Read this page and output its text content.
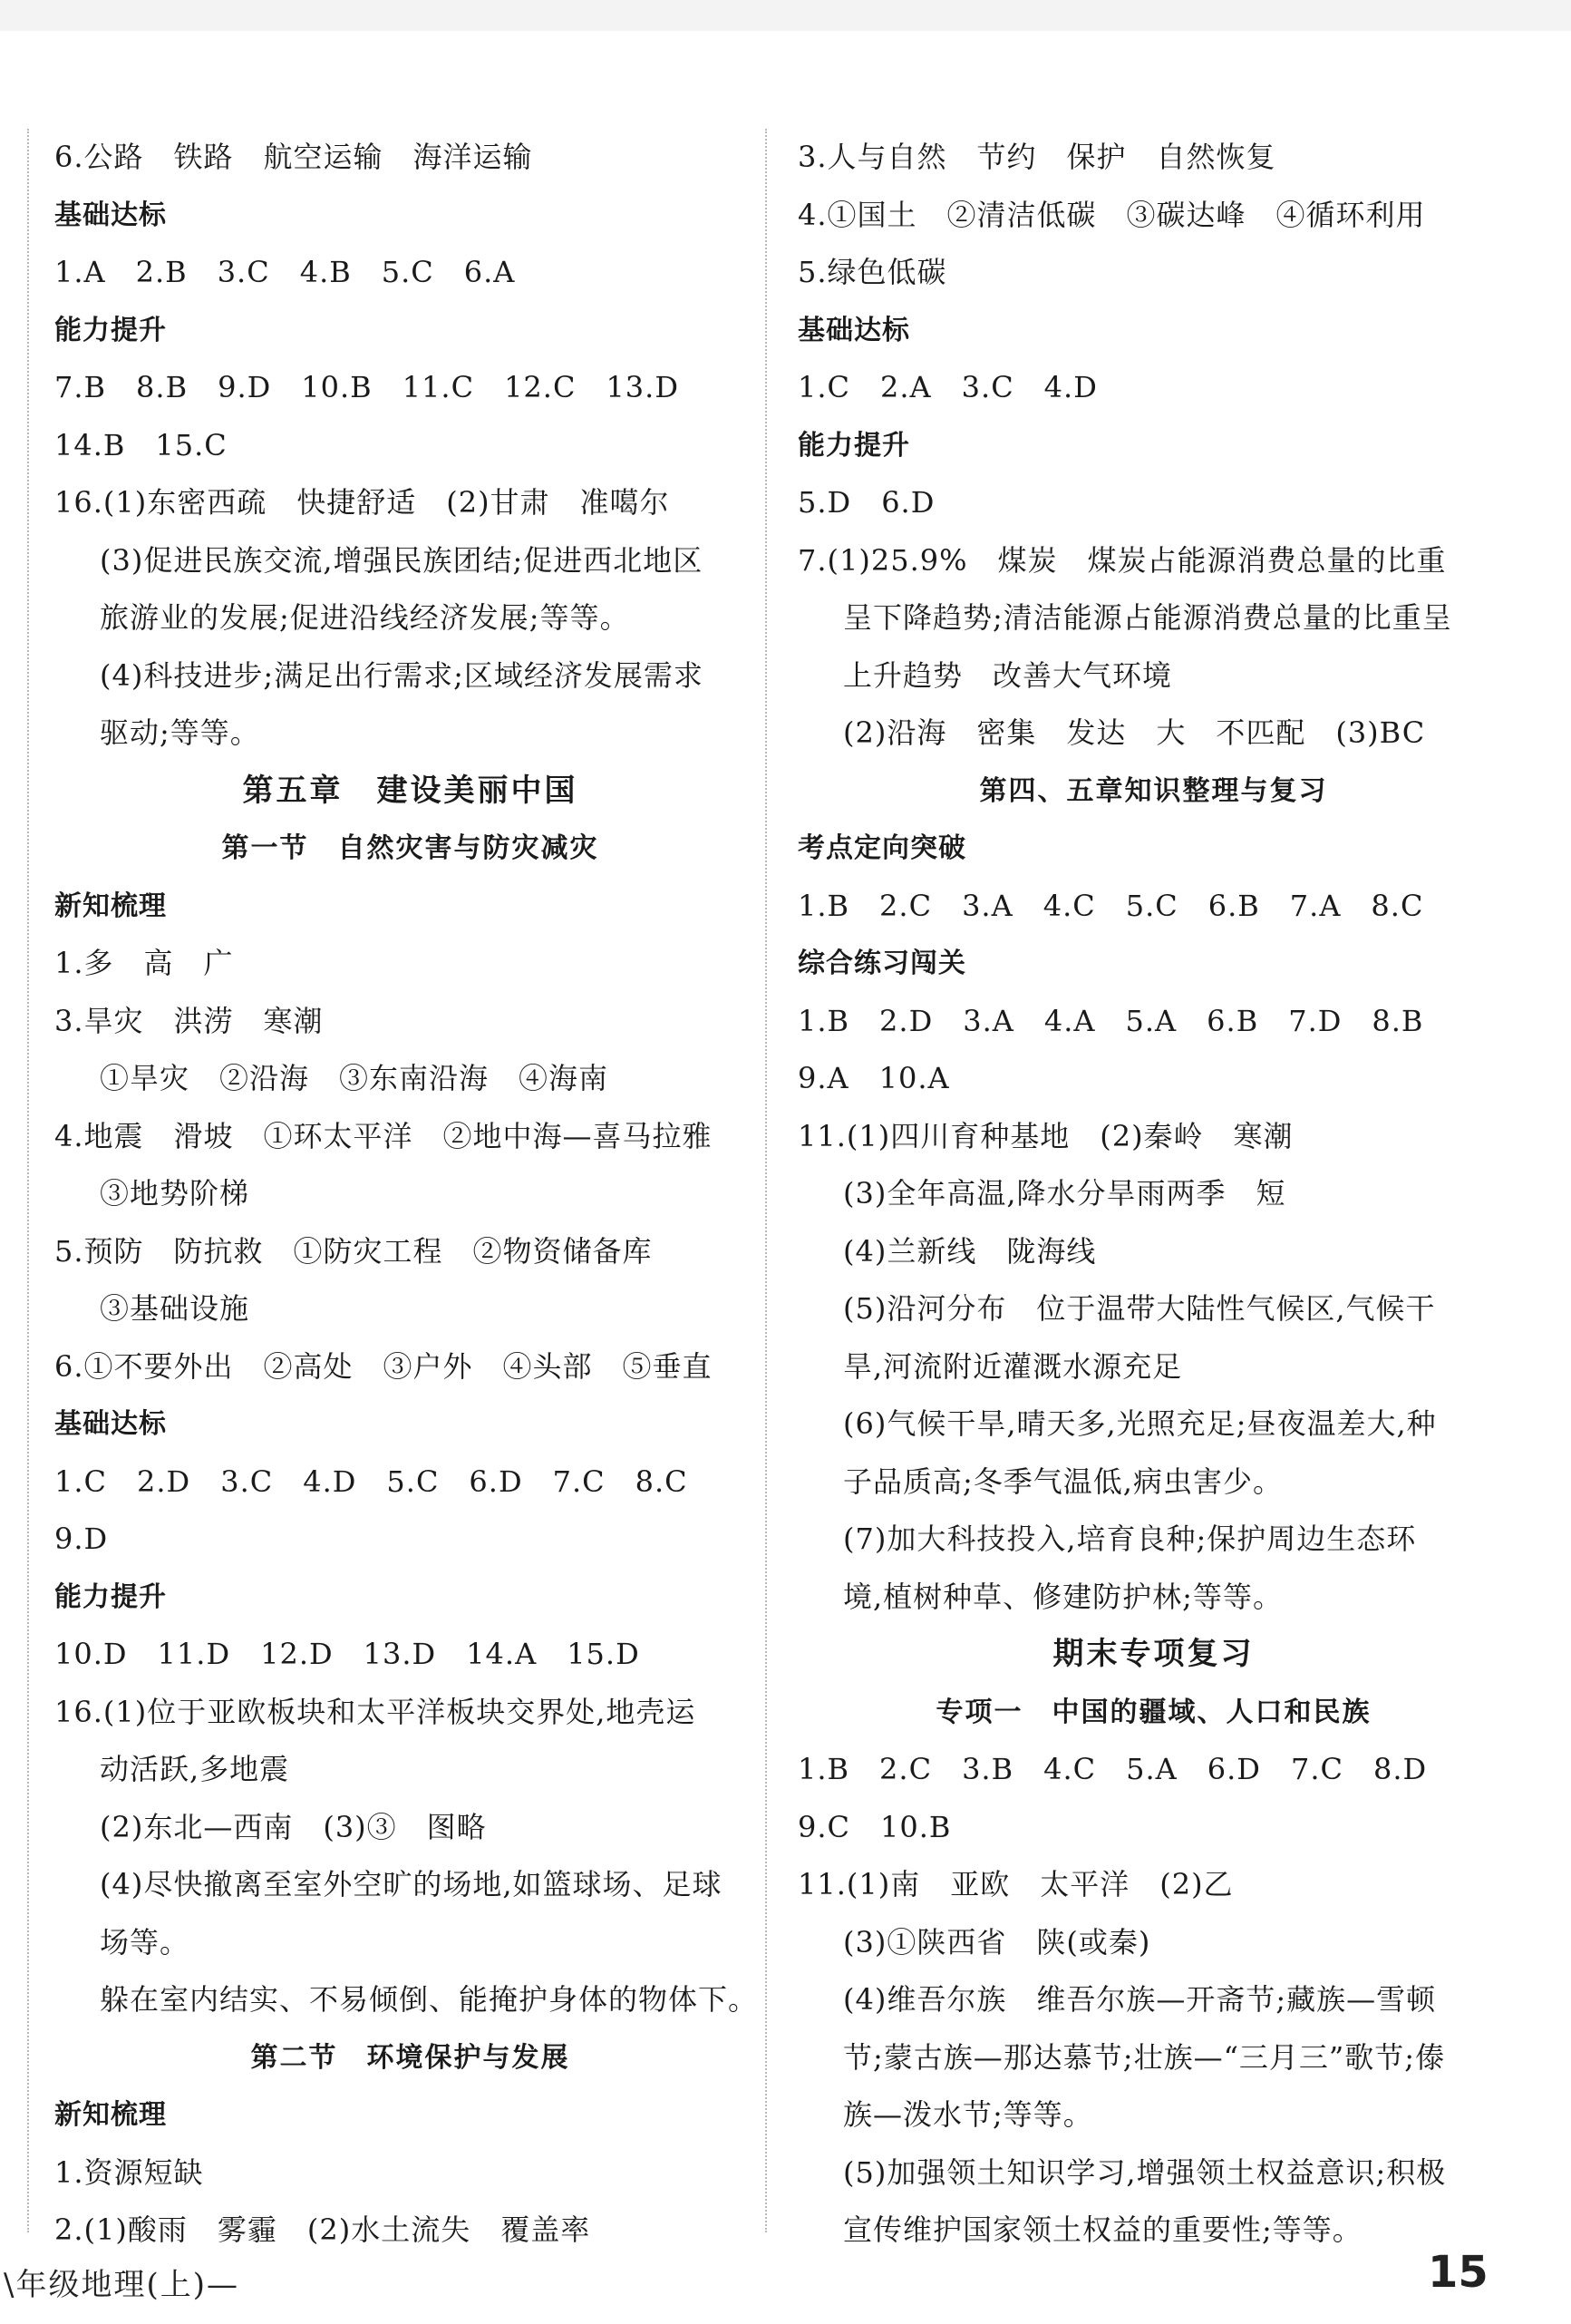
6.公路　铁路　航空运输　海洋运输
基础达标
1.A　2.B　3.C　4.B　5.C　6.A
能力提升
7.B　8.B　9.D　10.B　11.C　12.C　13.D
14.B　15.C
16.(1)东密西疏　快捷舒适　(2)甘肃　准噶尔
(3)促进民族交流,增强民族团结;促进西北地区
旅游业的发展;促进沿线经济发展;等等。
(4)科技进步;满足出行需求;区域经济发展需求
驱动;等等。
第五章　建设美丽中国
第一节　自然灾害与防灾减灾
新知梳理
1.多　高　广
3.旱灾　洪涝　寒潮
①旱灾　②沿海　③东南沿海　④海南
4.地震　滑坡　①环太平洋　②地中海—喜马拉雅
③地势阶梯
5.预防　防抗救　①防灾工程　②物资储备库
③基础设施
6.①不要外出　②高处　③户外　④头部　⑤垂直
基础达标
1.C　2.D　3.C　4.D　5.C　6.D　7.C　8.C
9.D
能力提升
10.D　11.D　12.D　13.D　14.A　15.D
16.(1)位于亚欧板块和太平洋板块交界处,地壳运
动活跃,多地震
(2)东北—西南　(3)③　图略
(4)尽快撤离至室外空旷的场地,如篮球场、足球
场等。
躲在室内结实、不易倾倒、能掩护身体的物体下。
第二节　环境保护与发展
新知梳理
1.资源短缺
2.(1)酸雨　雾霾　(2)水土流失　覆盖率
3.人与自然　节约　保护　自然恢复
4.①国土　②清洁低碳　③碳达峰　④循环利用
5.绿色低碳
基础达标
1.C　2.A　3.C　4.D
能力提升
5.D　6.D
7.(1)25.9%　煤炭　煤炭占能源消费总量的比重
呈下降趋势;清洁能源占能源消费总量的比重呈
上升趋势　改善大气环境
(2)沿海　密集　发达　大　不匹配　(3)BC
第四、五章知识整理与复习
考点定向突破
1.B　2.C　3.A　4.C　5.C　6.B　7.A　8.C
综合练习闯关
1.B　2.D　3.A　4.A　5.A　6.B　7.D　8.B
9.A　10.A
11.(1)四川育种基地　(2)秦岭　寒潮
(3)全年高温,降水分旱雨两季　短
(4)兰新线　陇海线
(5)沿河分布　位于温带大陆性气候区,气候干
旱,河流附近灌溉水源充足
(6)气候干旱,晴天多,光照充足;昼夜温差大,种
子品质高;冬季气温低,病虫害少。
(7)加大科技投入,培育良种;保护周边生态环
境,植树种草、修建防护林;等等。
期末专项复习
专项一　中国的疆域、人口和民族
1.B　2.C　3.B　4.C　5.A　6.D　7.C　8.D
9.C　10.B
11.(1)南　亚欧　太平洋　(2)乙
(3)①陕西省　陕(或秦)
(4)维吾尔族　维吾尔族—开斋节;藏族—雪顿
节;蒙古族—那达慕节;壮族—“三月三”歌节;傣
族—泼水节;等等。
(5)加强领土知识学习,增强领土权益意识;积极
宣传维护国家领土权益的重要性;等等。
\年级地理(上)—	15
